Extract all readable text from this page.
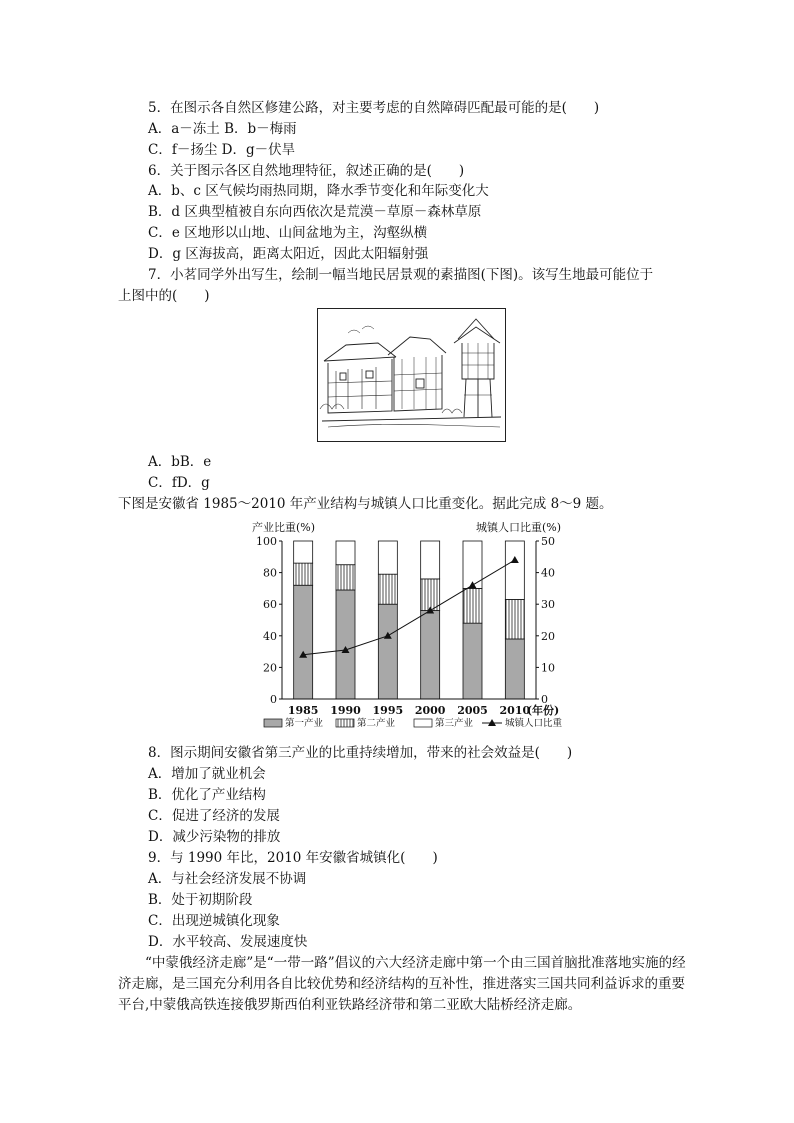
5．在图示各自然区修建公路，对主要考虑的自然障碍匹配最可能的是(　　)
A．a－冻土 B．b－梅雨
C．f－扬尘 D．g－伏旱
6．关于图示各区自然地理特征，叙述正确的是(　　)
A．b、c 区气候均雨热同期，降水季节变化和年际变化大
B．d 区典型植被自东向西依次是荒漠－草原－森林草原
C．e 区地形以山地、山间盆地为主，沟壑纵横
D．g 区海拔高，距离太阳近，因此太阳辐射强
7．小茗同学外出写生，绘制一幅当地民居景观的素描图(下图)。该写生地最可能位于
上图中的(　　)
A．bB．e
C．fD．g
下图是安徽省 1985～2010 年产业结构与城镇人口比重变化。据此完成 8～9 题。
产业比重(%)	城镇人口比重(%)
0
20
40
60
80
100
0
10
20
30
40
50
1985 1990 1995 2000 2005 2010
(年份)
第一产业	第二产业	第三产业	城镇人口比重
8．图示期间安徽省第三产业的比重持续增加，带来的社会效益是(　　)
A．增加了就业机会
B．优化了产业结构
C．促进了经济的发展
D．减少污染物的排放
9．与 1990 年比，2010 年安徽省城镇化(　　)
A．与社会经济发展不协调
B．处于初期阶段
C．出现逆城镇化现象
D．水平较高、发展速度快
“中蒙俄经济走廊”是“一带一路”倡议的六大经济走廊中第一个由三国首脑批准落地实施的经济走廊，是三国充分利用各自比较优势和经济结构的互补性，推进落实三国共同利益诉求的重要平台,中蒙俄高铁连接俄罗斯西伯利亚铁路经济带和第二亚欧大陆桥经济走廊。
